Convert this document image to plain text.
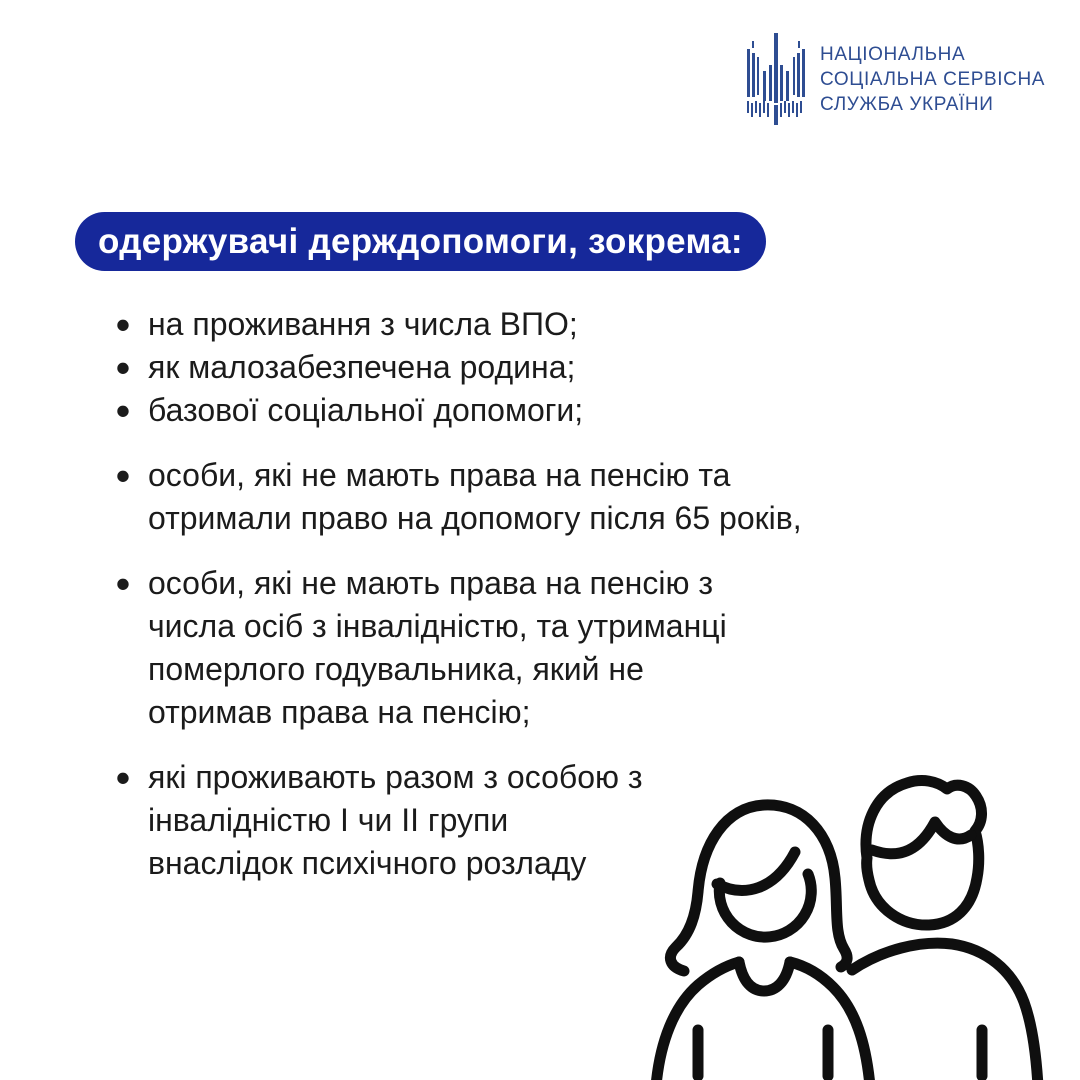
НАЦІОНАЛЬНА
СОЦІАЛЬНА СЕРВІСНА
СЛУЖБА УКРАЇНИ
одержувачі держдопомоги, зокрема:
• на проживання з числа ВПО;
• як малозабезпечена родина;
• базової соціальної допомоги;
• особи, які не мають права на пенсію та
отримали право на допомогу після 65 років,
• особи, які не мають права на пенсію з
числа осіб з інвалідністю, та утриманці
померлого годувальника, який не
отримав права на пенсію;
• які проживають разом з особою з
інвалідністю І чи ІІ групи
внаслідок психічного розладу
